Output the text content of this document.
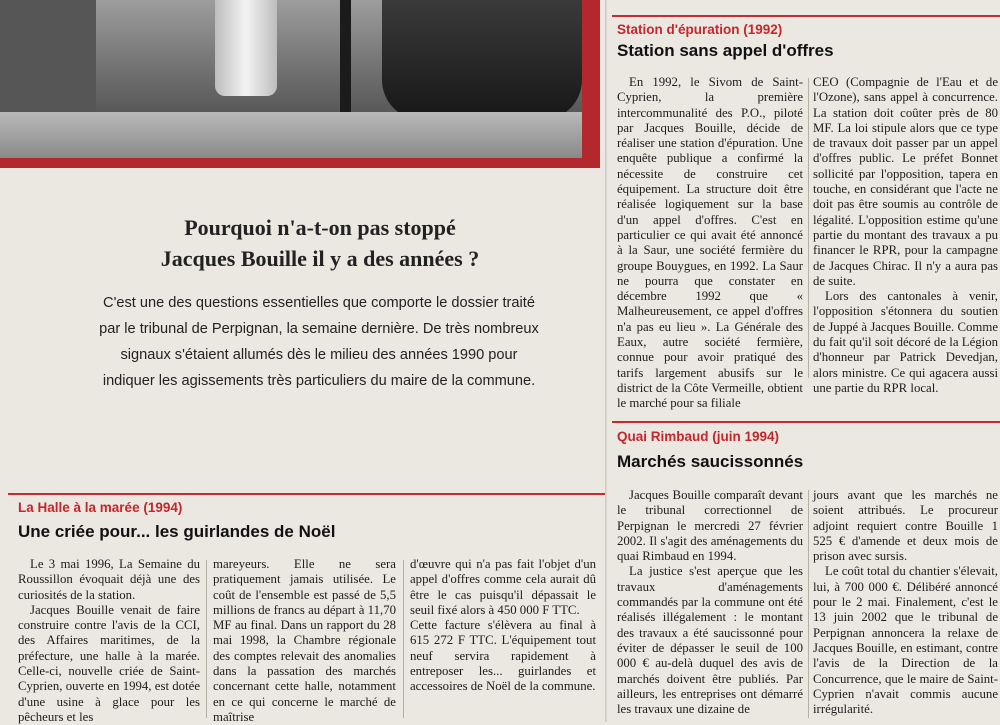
Pourquoi n'a-t-on pas stoppé
Jacques Bouille il y a des années ?

C'est une des questions essentielles que comporte le dossier traité par le tribunal de Perpignan, la semaine dernière. De très nombreux signaux s'étaient allumés dès le milieu des années 1990 pour indiquer les agissements très particuliers du maire de la commune.

Station d'épuration (1992)
Station sans appel d'offres

En 1992, le Sivom de Saint-Cyprien, la première intercommunalité des P.O., piloté par Jacques Bouille, décide de réaliser une station d'épuration. Une enquête publique a confirmé la nécessite de construire cet équipement. La structure doit être réalisée logiquement sur la base d'un appel d'offres. C'est en particulier ce qui avait été annoncé à la Saur, une société fermière du groupe Bouygues, en 1992. La Saur ne pourra que constater en décembre 1992 que « Malheureusement, ce appel d'offres n'a pas eu lieu ». La Générale des Eaux, autre société fermière, connue pour avoir pratiqué des tarifs largement abusifs sur le district de la Côte Vermeille, obtient le marché pour sa filiale

CEO (Compagnie de l'Eau et de l'Ozone), sans appel à concurrence. La station doit coûter près de 80 MF. La loi stipule alors que ce type de travaux doit passer par un appel d'offres public. Le préfet Bonnet sollicité par l'opposition, tapera en touche, en considérant que l'acte ne doit pas être soumis au contrôle de légalité. L'opposition estime qu'une partie du montant des travaux a pu financer le RPR, pour la campagne de Jacques Chirac. Il n'y a aura pas de suite.

Lors des cantonales à venir, l'opposition s'étonnera du soutien de Juppé à Jacques Bouille. Comme du fait qu'il soit décoré de la Légion d'honneur par Patrick Devedjan, alors ministre. Ce qui agacera aussi une partie du RPR local.

Quai Rimbaud (juin 1994)
Marchés saucissonnés

Jacques Bouille comparaît devant le tribunal correctionnel de Perpignan le mercredi 27 février 2002. Il s'agit des aménagements du quai Rimbaud en 1994.

La justice s'est aperçue que les travaux d'aménagements commandés par la commune ont été réalisés illégalement : le montant des travaux a été saucissonné pour éviter de dépasser le seuil de 100 000 € au-delà duquel des avis de marchés doivent être publiés. Par ailleurs, les entreprises ont démarré les travaux une dizaine de

jours avant que les marchés ne soient attribués. Le procureur adjoint requiert contre Bouille 1 525 € d'amende et deux mois de prison avec sursis.

Le coût total du chantier s'élevait, lui, à 700 000 €. Délibéré annoncé pour le 2 mai. Finalement, c'est le 13 juin 2002 que le tribunal de Perpignan annoncera la relaxe de Jacques Bouille, en estimant, contre l'avis de la Direction de la Concurrence, que le maire de Saint-Cyprien n'avait commis aucune irrégularité.

La Halle à la marée (1994)
Une criée pour... les guirlandes de Noël

Le 3 mai 1996, La Semaine du Roussillon évoquait déjà une des curiosités de la station.

Jacques Bouille venait de faire construire contre l'avis de la CCI, des Affaires maritimes, de la préfecture, une halle à la marée. Celle-ci, nouvelle criée de Saint-Cyprien, ouverte en 1994, est dotée d'une usine à glace pour les pêcheurs et les

mareyeurs. Elle ne sera pratiquement jamais utilisée. Le coût de l'ensemble est passé de 5,5 millions de francs au départ à 11,70 MF au final. Dans un rapport du 28 mai 1998, la Chambre régionale des comptes relevait des anomalies dans la passation des marchés concernant cette halle, notamment en ce qui concerne le marché de maîtrise

d'œuvre qui n'a pas fait l'objet d'un appel d'offres comme cela aurait dû être le cas puisqu'il dépassait le seuil fixé alors à 450 000 F TTC.

Cette facture s'élèvera au final à 615 272 F TTC. L'équipement tout neuf servira rapidement à entreposer les... guirlandes et accessoires de Noël de la commune.
